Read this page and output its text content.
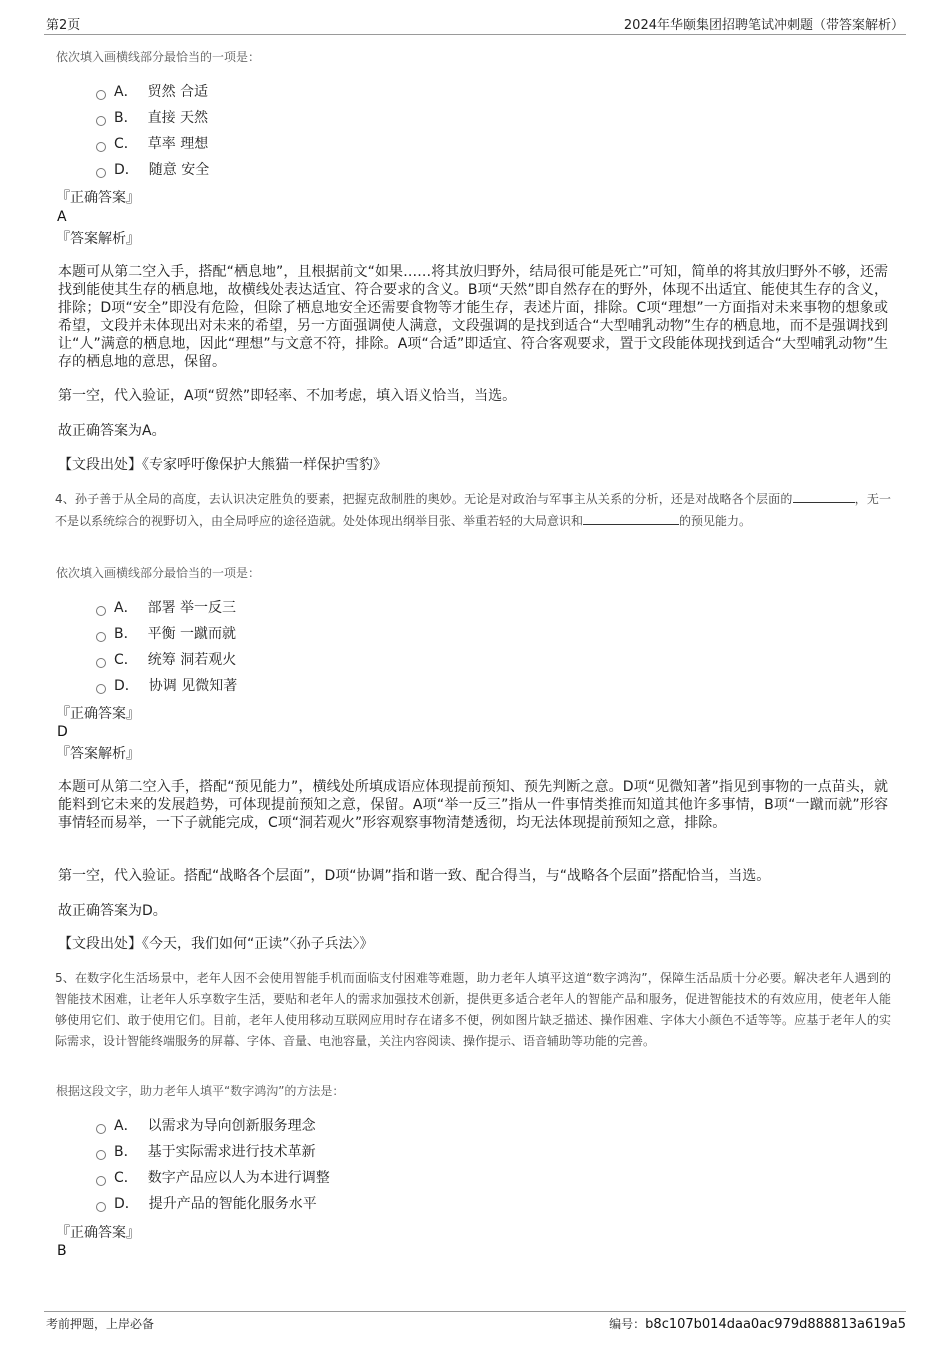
第2页	2024年华颐集团招聘笔试冲刺题（带答案解析）
依次填入画横线部分最恰当的一项是：
A． 贸然 合适
B． 直接 天然
C． 草率 理想
D． 随意 安全
『正确答案』
A
『答案解析』
本题可从第二空入手，搭配“栖息地”，且根据前文“如果……将其放归野外，结局很可能是死亡”可知，简单的将其放归野外不够，还需找到能使其生存的栖息地，故横线处表达适宜、符合要求的含义。B项“天然”即自然存在的野外，体现不出适宜、能使其生存的含义，排除；D项“安全”即没有危险，但除了栖息地安全还需要食物等才能生存，表述片面，排除。C项“理想”一方面指对未来事物的想象或希望，文段并未体现出对未来的希望，另一方面强调使人满意，文段强调的是找到适合“大型哺乳动物”生存的栖息地，而不是强调找到让“人”满意的栖息地，因此“理想”与文意不符，排除。A项“合适”即适宜、符合客观要求，置于文段能体现找到适合“大型哺乳动物”生存的栖息地的意思，保留。
第一空，代入验证，A项“贸然”即轻率、不加考虑，填入语义恰当，当选。
故正确答案为A。
【文段出处】《专家呼吁像保护大熊猫一样保护雪豹》
4、孙子善于从全局的高度，去认识决定胜负的要素，把握克敌制胜的奥妙。无论是对政治与军事主从关系的分析，还是对战略各个层面的	，无一不是以系统综合的视野切入，由全局呼应的途径造就。处处体现出纲举目张、举重若轻的大局意识和	的预见能力。
依次填入画横线部分最恰当的一项是：
A． 部署 举一反三
B． 平衡 一蹴而就
C． 统筹 洞若观火
D． 协调 见微知著
『正确答案』
D
『答案解析』
本题可从第二空入手，搭配“预见能力”，横线处所填成语应体现提前预知、预先判断之意。D项“见微知著”指见到事物的一点苗头，就能料到它未来的发展趋势，可体现提前预知之意，保留。A项“举一反三”指从一件事情类推而知道其他许多事情，B项“一蹴而就”形容事情轻而易举，一下子就能完成，C项“洞若观火”形容观察事物清楚透彻，均无法体现提前预知之意，排除。
第一空，代入验证。搭配“战略各个层面”，D项“协调”指和谐一致、配合得当，与“战略各个层面”搭配恰当，当选。
故正确答案为D。
【文段出处】《今天，我们如何“正读”〈孙子兵法〉》
5、在数字化生活场景中，老年人因不会使用智能手机而面临支付困难等难题，助力老年人填平这道“数字鸿沟”，保障生活品质十分必要。解决老年人遇到的智能技术困难，让老年人乐享数字生活，要贴和老年人的需求加强技术创新，提供更多适合老年人的智能产品和服务，促进智能技术的有效应用，使老年人能够使用它们、敢于使用它们。目前，老年人使用移动互联网应用时存在诸多不便，例如图片缺乏描述、操作困难、字体大小颜色不适等等。应基于老年人的实际需求，设计智能终端服务的屏幕、字体、音量、电池容量，关注内容阅读、操作提示、语音辅助等功能的完善。
根据这段文字，助力老年人填平“数字鸿沟”的方法是：
A． 以需求为导向创新服务理念
B． 基于实际需求进行技术革新
C． 数字产品应以人为本进行调整
D． 提升产品的智能化服务水平
『正确答案』
B
考前押题，上岸必备	编号：b8c107b014daa0ac979d888813a619a5
